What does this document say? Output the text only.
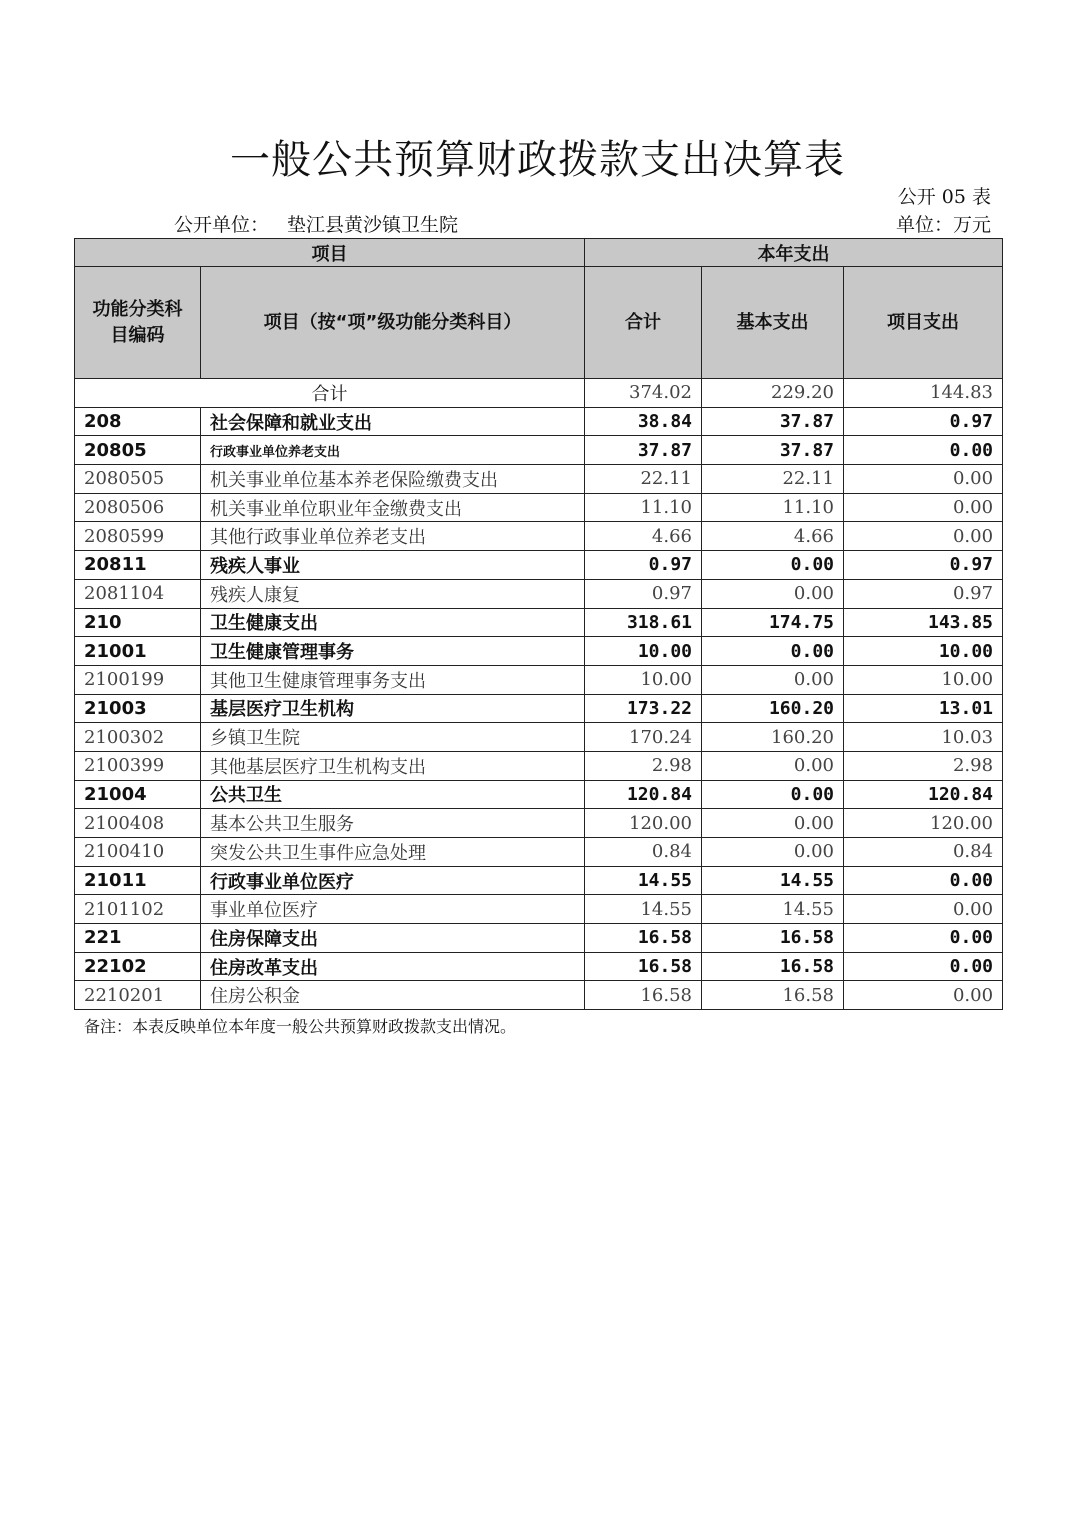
一般公共预算财政拨款支出决算表
公开 05 表
公开单位： 垫江县黄沙镇卫生院	单位：万元
项目		本年支出		
功能分类科目编码	项目（按“项”级功能分类科目）	合计	基本支出	项目支出
合计		374.02	229.20	144.83
208	社会保障和就业支出	38.84	37.87	0.97
20805	行政事业单位养老支出	37.87	37.87	0.00
2080505	机关事业单位基本养老保险缴费支出	22.11	22.11	0.00
2080506	机关事业单位职业年金缴费支出	11.10	11.10	0.00
2080599	其他行政事业单位养老支出	4.66	4.66	0.00
20811	残疾人事业	0.97	0.00	0.97
2081104	残疾人康复	0.97	0.00	0.97
210	卫生健康支出	318.61	174.75	143.85
21001	卫生健康管理事务	10.00	0.00	10.00
2100199	其他卫生健康管理事务支出	10.00	0.00	10.00
21003	基层医疗卫生机构	173.22	160.20	13.01
2100302	乡镇卫生院	170.24	160.20	10.03
2100399	其他基层医疗卫生机构支出	2.98	0.00	2.98
21004	公共卫生	120.84	0.00	120.84
2100408	基本公共卫生服务	120.00	0.00	120.00
2100410	突发公共卫生事件应急处理	0.84	0.00	0.84
21011	行政事业单位医疗	14.55	14.55	0.00
2101102	事业单位医疗	14.55	14.55	0.00
221	住房保障支出	16.58	16.58	0.00
22102	住房改革支出	16.58	16.58	0.00
2210201	住房公积金	16.58	16.58	0.00
备注：本表反映单位本年度一般公共预算财政拨款支出情况。
